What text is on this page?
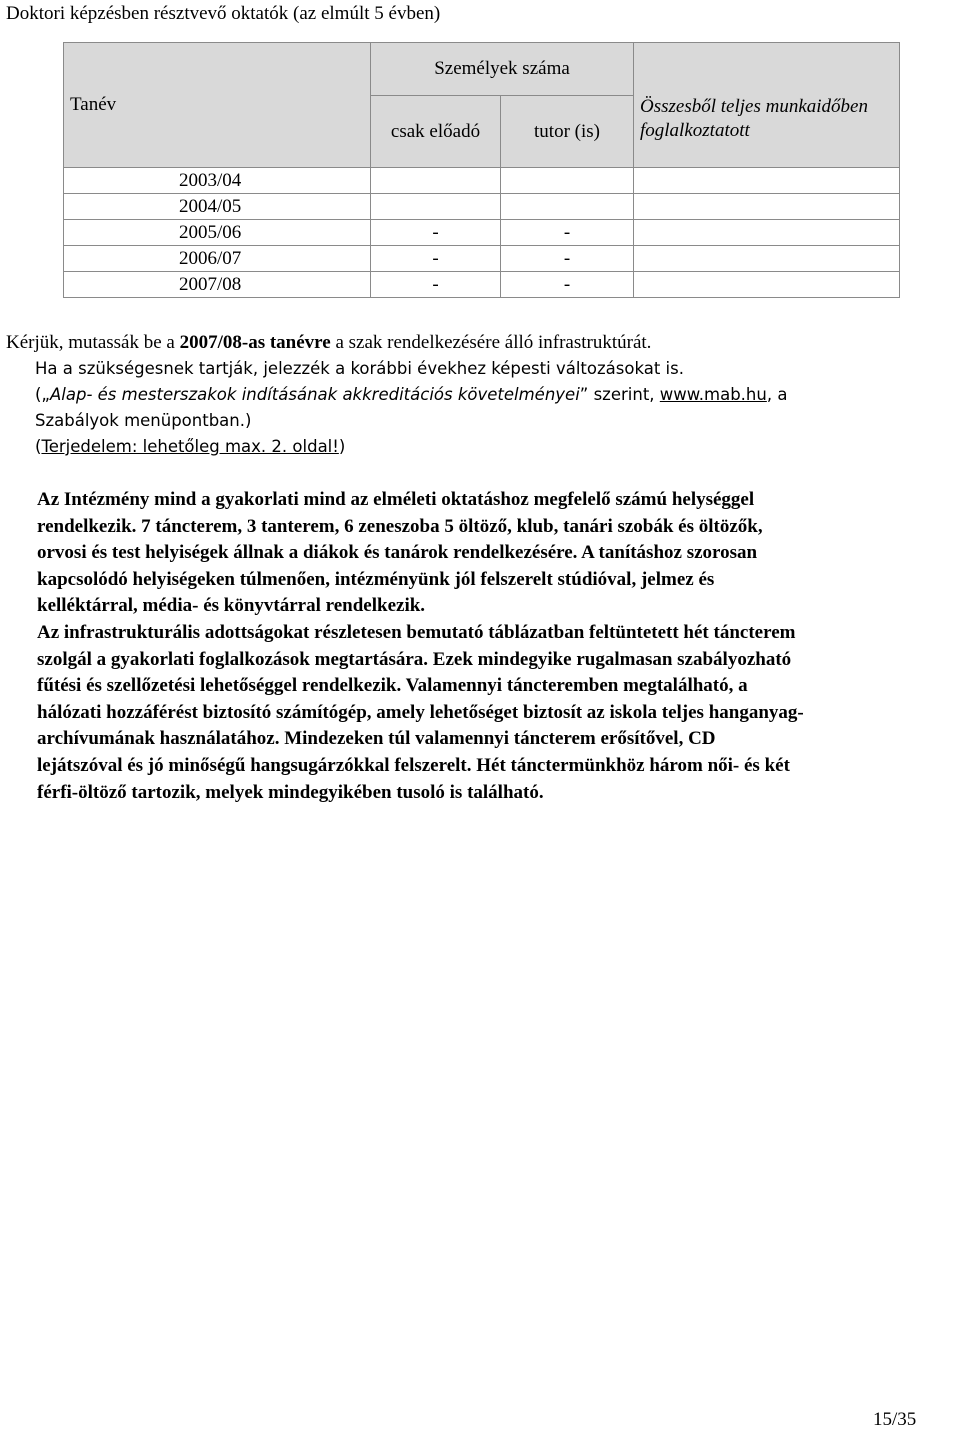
Doktori képzésben résztvevő oktatók (az elmúlt 5 évben)
Tanév	Személyek száma		Összesből teljes munkaidőben foglalkoztatott
	csak előadó	tutor (is)	
2003/04			
2004/05			
2005/06	-	-	
2006/07	-	-	
2007/08	-	-	
Kérjük, mutassák be a 2007/08-as tanévre a szak rendelkezésére álló infrastruktúrát.
Ha a szükségesnek tartják, jelezzék a korábbi évekhez képesti változásokat is.
(„Alap- és mesterszakok indításának akkreditációs követelményei” szerint, www.mab.hu, a
Szabályok menüpontban.)
(Terjedelem: lehetőleg max. 2. oldal!)
Az Intézmény mind a gyakorlati mind az elméleti oktatáshoz megfelelő számú helységgel
rendelkezik. 7 táncterem, 3 tanterem, 6 zeneszoba 5 öltöző, klub, tanári szobák és öltözők,
orvosi és test helyiségek állnak a diákok és tanárok rendelkezésére. A tanításhoz szorosan
kapcsolódó helyiségeken túlmenően, intézményünk jól felszerelt stúdióval, jelmez és
kelléktárral, média- és könyvtárral rendelkezik.
Az infrastrukturális adottságokat részletesen bemutató táblázatban feltüntetett hét táncterem
szolgál a gyakorlati foglalkozások megtartására. Ezek mindegyike rugalmasan szabályozható
fűtési és szellőzetési lehetőséggel rendelkezik. Valamennyi táncteremben megtalálható, a
hálózati hozzáférést biztosító számítógép, amely lehetőséget biztosít az iskola teljes hanganyag-
archívumának használatához. Mindezeken túl valamennyi táncterem erősítővel, CD
lejátszóval és jó minőségű hangsugárzókkal felszerelt. Hét tánctermünkhöz három női- és két
férfi-öltöző tartozik, melyek mindegyikében tusoló is található.
15/35
